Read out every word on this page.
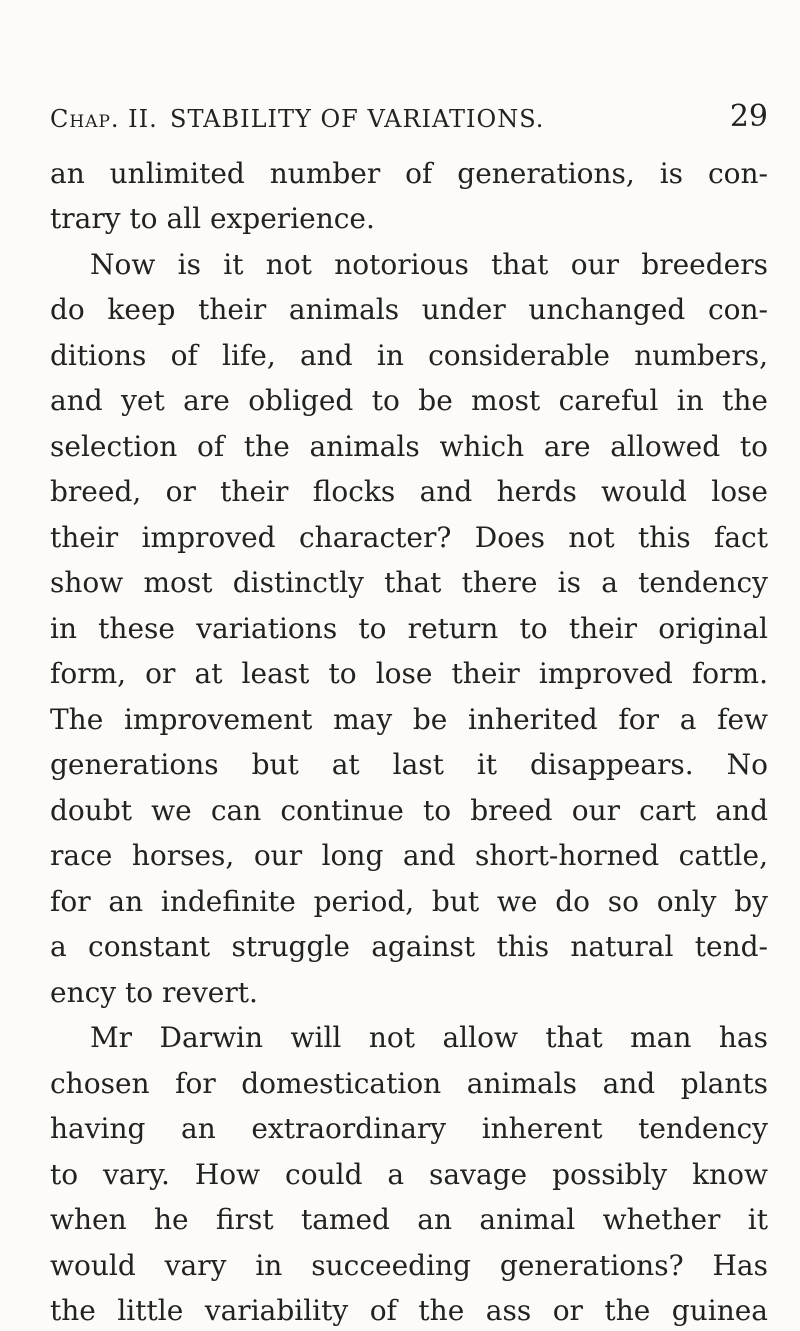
Chap. II. STABILITY OF VARIATIONS.	29
an unlimited number of generations, is con-
trary to all experience.
Now is it not notorious that our breeders
do keep their animals under unchanged con-
ditions of life, and in considerable numbers,
and yet are obliged to be most careful in the
selection of the animals which are allowed to
breed, or their flocks and herds would lose
their improved character? Does not this fact
show most distinctly that there is a tendency
in these variations to return to their original
form, or at least to lose their improved form.
The improvement may be inherited for a few
generations but at last it disappears. No
doubt we can continue to breed our cart and
race horses, our long and short-horned cattle,
for an indefinite period, but we do so only by
a constant struggle against this natural tend-
ency to revert.
Mr Darwin will not allow that man has
chosen for domestication animals and plants
having an extraordinary inherent tendency
to vary. How could a savage possibly know
when he first tamed an animal whether it
would vary in succeeding generations? Has
the little variability of the ass or the guinea
